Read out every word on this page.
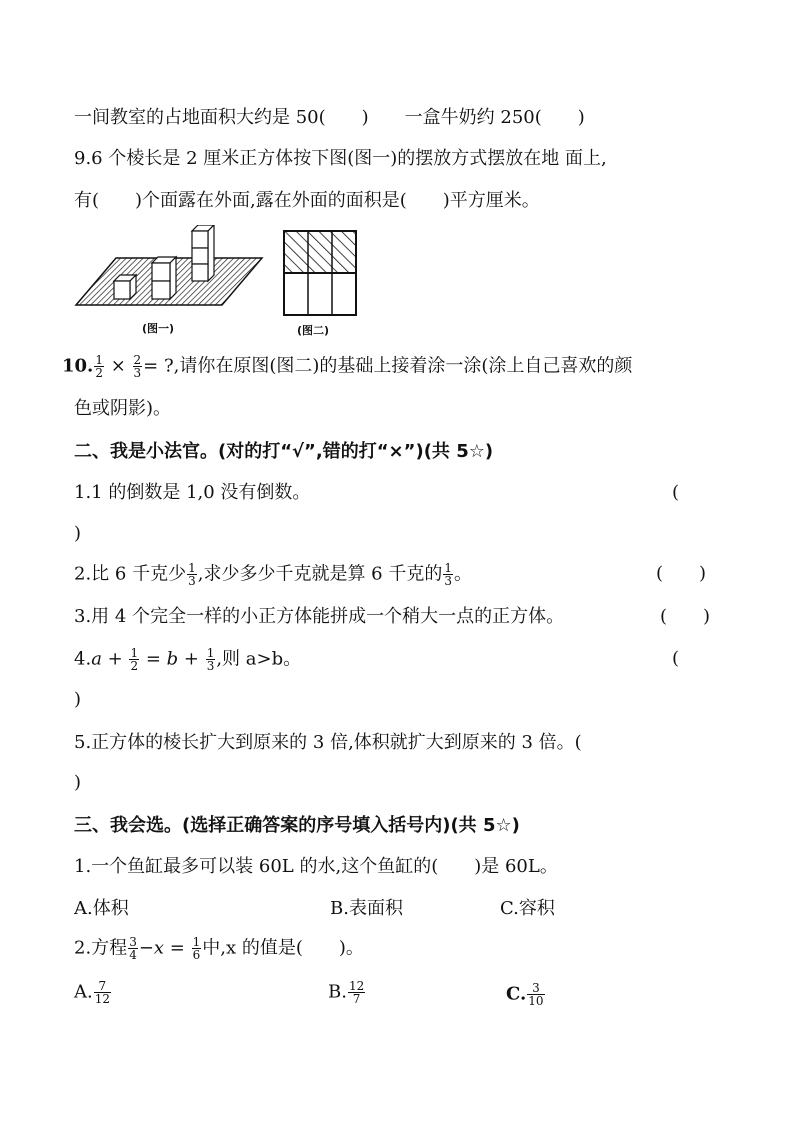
一间教室的占地面积大约是 50(　　)　　一盒牛奶约 250(　　)
9.6 个棱长是 2 厘米正方体按下图(图一)的摆放方式摆放在地 面上,
有(　　)个面露在外面,露在外面的面积是(　　)平方厘米。
(图一)	(图二)
10. $\frac{1}{2} \times \frac{2}{3}$ = ?,请你在原图(图二)的基础上接着涂一涂(涂上自己喜欢的颜
色或阴影)。
二、我是小法官。(对的打“√”,错的打“×”)(共 5☆)
1.1 的倒数是 1,0 没有倒数。	(
)
2.比 6 千克少 $\frac{1}{3}$ ,求少多少千克就是算 6 千克的 $\frac{1}{3}$ 。	(　　)
3.用 4 个完全一样的小正方体能拼成一个稍大一点的正方体。	(　　)
$4.a + \frac{1}{2} = b + \frac{1}{3}$ ,则 a>b。	(
)
5.正方体的棱长扩大到原来的 3 倍,体积就扩大到原来的 3 倍。(
)
三、我会选。(选择正确答案的序号填入括号内)(共 5☆)
1.一个鱼缸最多可以装 60L 的水,这个鱼缸的(　　)是 60L。
A.体积	B.表面积	C.容积
2.方程 $\frac{3}{4} -x = \frac{1}{6}$ 中,x 的值是(　　)。
A. $\frac{7}{12}$	B. $\frac{12}{7}$	C. $\frac{3}{10}$
